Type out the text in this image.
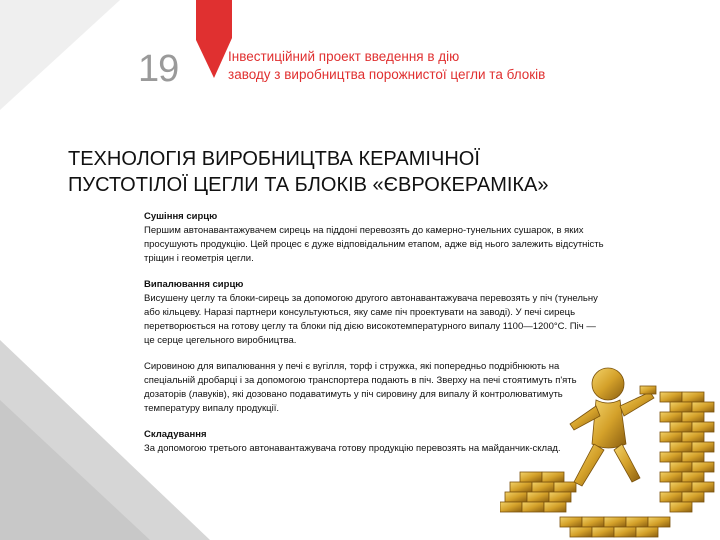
19	Інвестиційний проект введення в дію
заводу з виробництва порожнистої цегли та блоків
ТЕХНОЛОГІЯ ВИРОБНИЦТВА КЕРАМІЧНОЇ
ПУСТОТІЛОЇ ЦЕГЛИ ТА БЛОКІВ «ЄВРОКЕРАМІКА»
Сушіння сирцю
Першим автонавантажувачем сирець на піддоні перевозять до камерно-тунельних сушарок, в яких просушують продукцію. Цей процес є дуже відповідальним етапом, адже від нього залежить відсутність тріщин і геометрія цегли.
Випалювання сирцю
Висушену цеглу та блоки-сирець за допомогою другого автонавантажувача перевозять у піч (тунельну або кільцеву. Наразі партнери консультуються, яку саме піч проектувати на заводі). У печі сирець перетворюється на готову цеглу та блоки під дією високотемпературного випалу 1100—1200°С. Піч — це серце цегельного виробництва.
Сировиною для випалювання у печі є вугілля, торф і стружка, які попередньо подрібнюють на спеціальній дробарці і за допомогою транспортера подають в піч. Зверху на печі стоятимуть п'ять дозаторів (лавуків), які дозовано подаватимуть у піч сировину для випалу й контролюватимуть температуру випалу продукції.
Складування
За допомогою третього автонавантажувача готову продукцію перевозять на майданчик-склад.
